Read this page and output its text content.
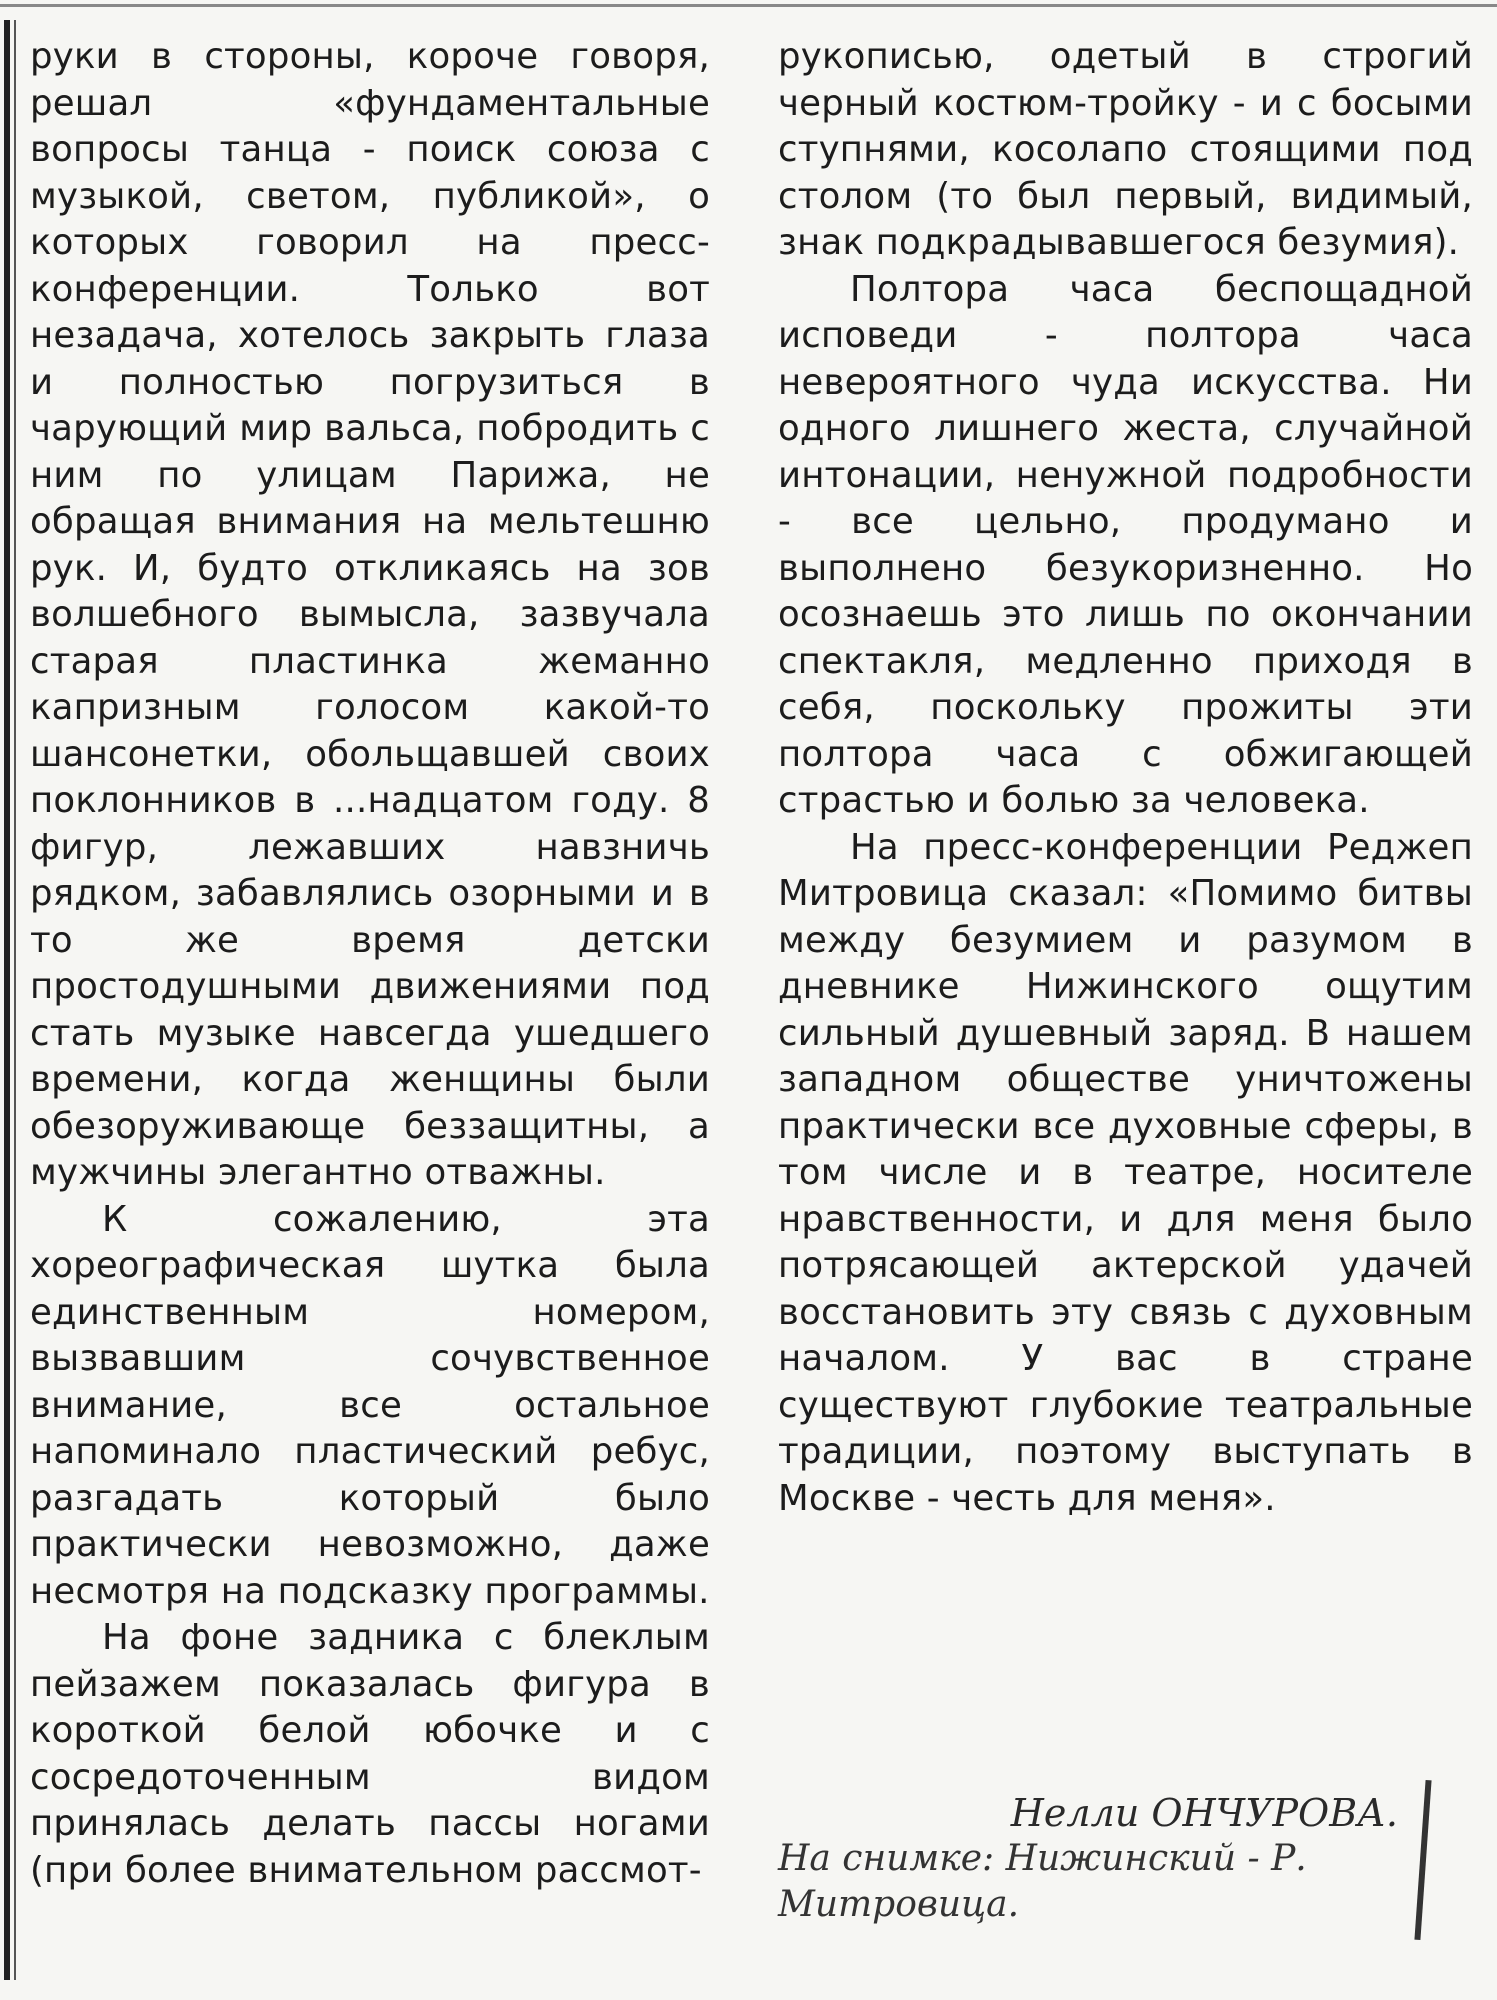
руки в стороны, короче говоря, решал «фундаментальные вопросы танца - поиск союза с музыкой, светом, публикой», о которых говорил на пресс-конференции. Только вот незадача, хотелось закрыть глаза и полностью погрузиться в чарующий мир вальса, побродить с ним по улицам Парижа, не обращая внимания на мельтешню рук. И, будто откликаясь на зов волшебного вымысла, зазвучала старая пластинка жеманно капризным голосом какой-то шансонетки, обольщавшей своих поклонников в ...надцатом году. 8 фигур, лежавших навзничь рядком, забавлялись озорными и в то же время детски простодушными движениями под стать музыке навсегда ушедшего времени, когда женщины были обезоруживающе беззащитны, а мужчины элегантно отважны.

К сожалению, эта хореографическая шутка была единственным номером, вызвавшим сочувственное внимание, все остальное напоминало пластический ребус, разгадать который было практически невозможно, даже несмотря на подсказку программы.

На фоне задника с блеклым пейзажем показалась фигура в короткой белой юбочке и с сосредоточенным видом принялась делать пассы ногами (при более внимательном рассмот-

рукописью, одетый в строгий черный костюм-тройку - и с босыми ступнями, косолапо стоящими под столом (то был первый, видимый, знак подкрадывавшегося безумия).

Полтора часа беспощадной исповеди - полтора часа невероятного чуда искусства. Ни одного лишнего жеста, случайной интонации, ненужной подробности - все цельно, продумано и выполнено безукоризненно. Но осознаешь это лишь по окончании спектакля, медленно приходя в себя, поскольку прожиты эти полтора часа с обжигающей страстью и болью за человека.

На пресс-конференции Реджеп Митровица сказал: «Помимо битвы между безумием и разумом в дневнике Нижинского ощутим сильный душевный заряд. В нашем западном обществе уничтожены практически все духовные сферы, в том числе и в театре, носителе нравственности, и для меня было потрясающей актерской удачей восстановить эту связь с духовным началом. У вас в стране существуют глубокие театральные традиции, поэтому выступать в Москве - честь для меня».

Нелли ОНЧУРОВА.
На снимке: Нижинский - Р. Митровица.
